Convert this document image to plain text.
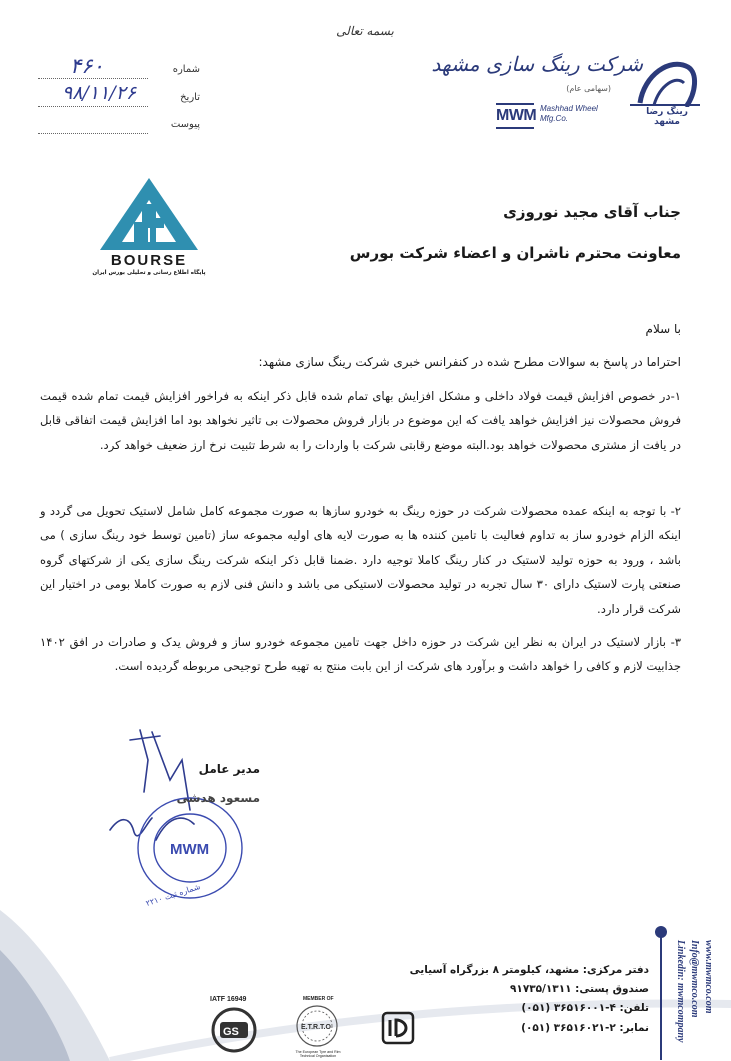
بسمه تعالی
۴۶۰	شماره
۹۸/۱۱/۲۶	تاریخ
پیوست
شرکت رینگ سازی مشهد
(سهامی عام)
MWM Mashhad Wheel
Mfg.Co.
رینگ رضا مشهد
BOURSE
پایگاه اطلاع رسانی و تحلیلی بورس ایران
جناب آقای مجید نوروزی
معاونت محترم ناشران و اعضاء شرکت بورس
با سلام
احتراما در پاسخ به سوالات مطرح شده در کنفرانس خبری شرکت رینگ سازی مشهد:
۱-در خصوص افزایش قیمت فولاد داخلی و مشکل افزایش بهای تمام شده قابل ذکر اینکه به فراخور افزایش قیمت تمام شده قیمت فروش محصولات نیز افزایش خواهد یافت که این موضوع در بازار فروش محصولات بی تاثیر نخواهد بود اما افزایش قیمت اتفاقی قابل در یافت از مشتری محصولات خواهد بود.البته موضع رقابتی شرکت با واردات را به شرط تثبیت نرخ ارز ضعیف خواهد کرد.
۲- با توجه به اینکه عمده محصولات شرکت در حوزه رینگ به خودرو سازها به صورت مجموعه کامل شامل لاستیک تحویل می گردد و اینکه الزام خودرو ساز به تداوم فعالیت با تامین کننده ها به صورت لایه های اولیه مجموعه ساز (تامین توسط خود رینگ سازی ) می باشد ، ورود به حوزه تولید لاستیک در کنار رینگ کاملا توجیه دارد .ضمنا قابل ذکر اینکه شرکت رینگ سازی یکی از شرکتهای گروه صنعتی پارت لاستیک دارای ۳۰ سال تجربه در تولید محصولات لاستیکی می باشد و دانش فنی لازم به صورت کاملا بومی در اختیار این شرکت قرار دارد.
۳- بازار لاستیک در ایران به نظر این شرکت در حوزه داخل جهت تامین مجموعه خودرو ساز و فروش یدک و صادرات در افق ۱۴۰۲ جذابیت لازم و کافی را خواهد داشت و برآورد های شرکت از این بابت منتج به تهیه طرح توجیحی مربوطه گردیده است.
MWM
شماره ثبت ۲۲۱۰
مدیر عامل
مسعود هدشی
www.mwmco.com
Info@mwmco.com
Linkedin: mwmcompany
دفتر مرکزی: مشهد، کیلومتر ۸ بزرگراه آسیایی
صندوق پستی: ۹۱۷۳۵/۱۳۱۱
تلفن: ۴-۳۶۵۱۶۰۰۱ (۰۵۱)
نمابر: ۲-۳۶۵۱۶۰۲۱ (۰۵۱)
IATF 16949
GS
MEMBER OF
E.T.R.T.O
The European Tyre and Rim Technical Organisation
